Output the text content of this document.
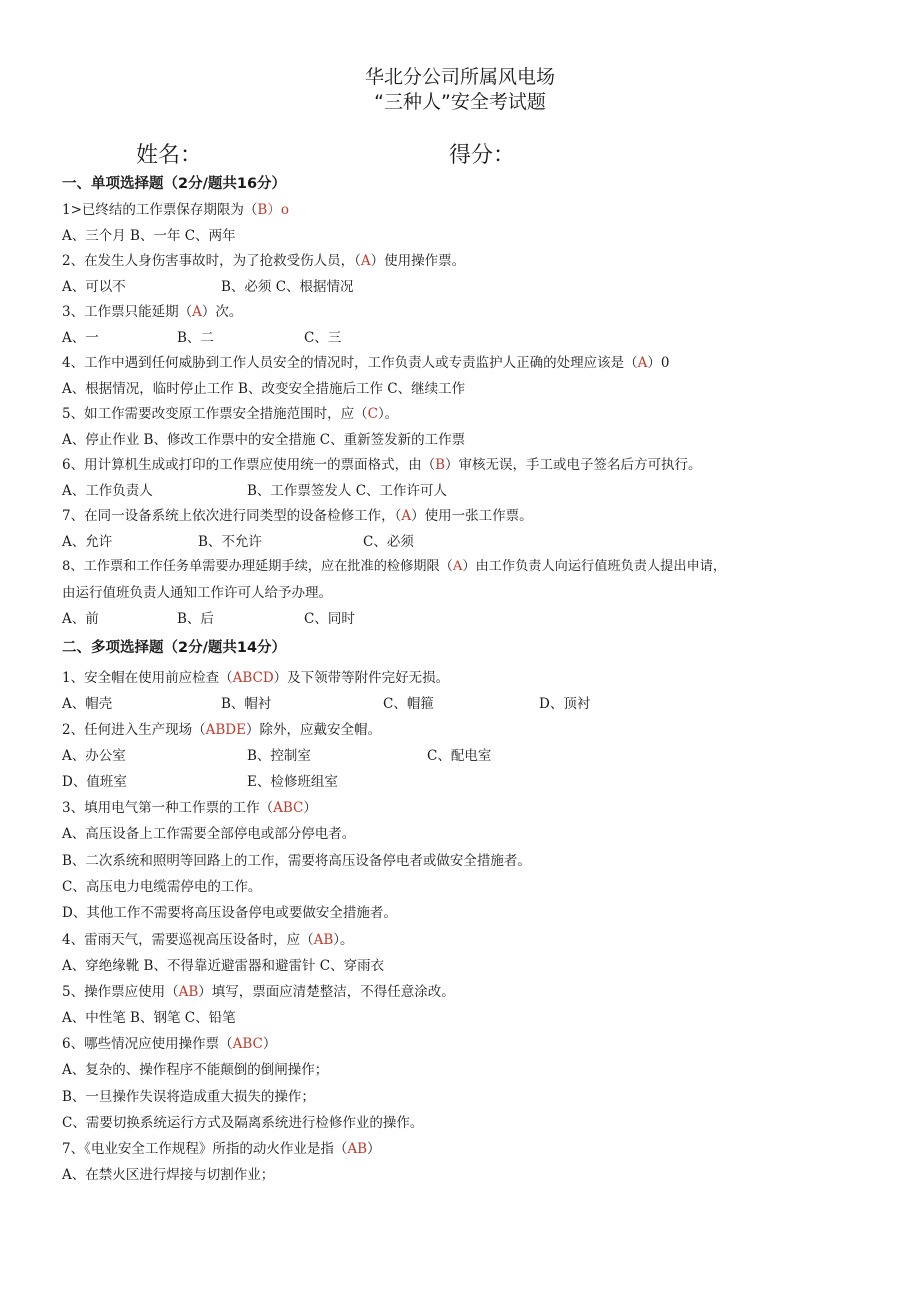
华北分公司所属风电场
“三种人”安全考试题
姓名：	得分：
一、单项选择题（2分/题共16分）
1>已终结的工作票保存期限为（B）o
A、三个月 B、一年 C、两年
2、在发生人身伤害事故时，为了抢救受伤人员，（A）使用操作票。
A、可以不	B、必须 C、根据情况
3、工作票只能延期（A）次。
A、一	B、二	C、三
4、工作中遇到任何威胁到工作人员安全的情况时，工作负责人或专责监护人正确的处理应该是（A）0
A、根据情况，临时停止工作 B、改变安全措施后工作 C、继续工作
5、如工作需要改变原工作票安全措施范围时，应（C）。
A、停止作业 B、修改工作票中的安全措施 C、重新签发新的工作票
6、用计算机生成或打印的工作票应使用统一的票面格式，由（B）审核无误，手工或电子签名后方可执行。
A、工作负责人	B、工作票签发人 C、工作许可人
7、在同一设备系统上依次进行同类型的设备检修工作，（A）使用一张工作票。
A、允许	B、不允许	C、必须
8、工作票和工作任务单需要办理延期手续，应在批准的检修期限（A）由工作负责人向运行值班负责人提出申请，
由运行值班负责人通知工作许可人给予办理。
A、前	B、后	C、同时
二、多项选择题（2分/题共14分）
1、安全帽在使用前应检查（ABCD）及下领带等附件完好无损。
A、帽壳	B、帽衬	C、帽箍	D、顶衬
2、任何进入生产现场（ABDE）除外，应戴安全帽。
A、办公室	B、控制室	C、配电室
D、值班室	E、检修班组室
3、填用电气第一种工作票的工作（ABC）
A、高压设备上工作需要全部停电或部分停电者。
B、二次系统和照明等回路上的工作，需要将高压设备停电者或做安全措施者。
C、高压电力电缆需停电的工作。
D、其他工作不需要将高压设备停电或要做安全措施者。
4、雷雨天气，需要巡视高压设备时，应（AB）。
A、穿绝缘靴 B、不得靠近避雷器和避雷针 C、穿雨衣
5、操作票应使用（AB）填写，票面应清楚整洁，不得任意涂改。
A、中性笔 B、钢笔 C、铅笔
6、哪些情况应使用操作票（ABC）
A、复杂的、操作程序不能颠倒的倒闸操作；
B、一旦操作失误将造成重大损失的操作；
C、需要切换系统运行方式及隔离系统进行检修作业的操作。
7、《电业安全工作规程》所指的动火作业是指（AB）
A、在禁火区进行焊接与切割作业；
